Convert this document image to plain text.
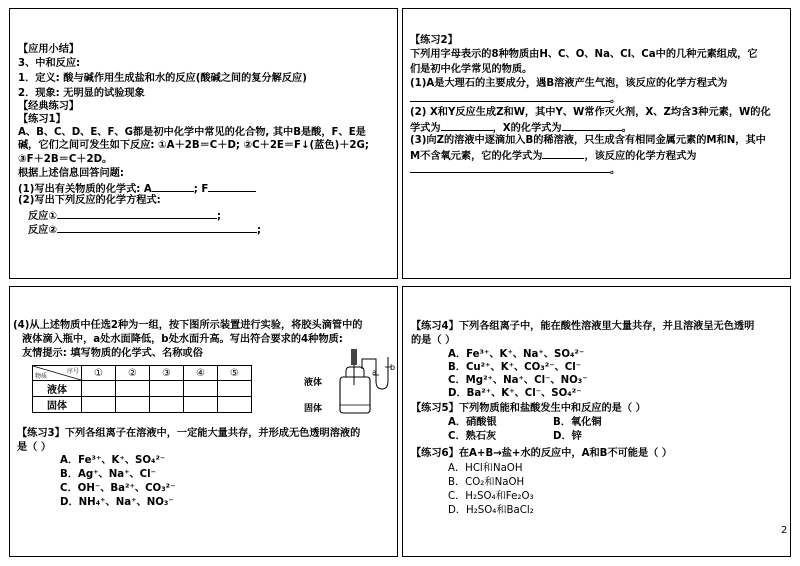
【应用小结】
3、中和反应:
1．定义: 酸与碱作用生成盐和水的反应(酸碱之间的复分解反应)
2．现象: 无明显的试验现象
【经典练习】
【练习1】
A、B、C、D、E、F、G都是初中化学中常见的化合物, 其中B是酸，F、E是
碱，它们之间可发生如下反应: ①A＋2B＝C＋D; ②C＋2E＝F↓(蓝色)＋2G;
③F＋2B＝C＋2D。
根据上述信息回答问题:
(1)写出有关物质的化学式: A	; F
(2)写出下列反应的化学方程式:
反应①	;
反应②	;
【练习2】
下列用字母表示的8种物质由H、C、O、Na、Cl、Ca中的几种元素组成，它
们是初中化学常见的物质。
(1)A是大理石的主要成分，遇B溶液产生气泡，该反应的化学方程式为
。
(2) X和Y反应生成Z和W，其中Y、W常作灭火剂，X、Z均含3种元素，W的化
学式为	，X的化学式为	。
(3)向Z的溶液中逐滴加入B的稀溶液，只生成含有相同金属元素的M和N，其中
M不含氧元素，它的化学式为	，该反应的化学方程式为
。
(4)从上述物质中任选2种为一组，按下图所示装置进行实验，将胶头滴管中的
液体滴入瓶中，a处水面降低，b处水面升高。写出符合要求的4种物质:
友情提示: 填写物质的化学式、名称或俗
序号
物质	①	②	③	④	⑤
液体					
固体					
液体
固体
a
b
【练习3】下列各组离子在溶液中，一定能大量共存，并形成无色透明溶液的
是（ ）
A．Fe³⁺、K⁺、SO₄²⁻
B．Ag⁺、Na⁺、Cl⁻
C．OH⁻、Ba²⁺、CO₃²⁻
D．NH₄⁺、Na⁺、NO₃⁻
【练习4】下列各组离子中，能在酸性溶液里大量共存，并且溶液呈无色透明
的是（ ）
A．Fe³⁺、K⁺、Na⁺、SO₄²⁻
B．Cu²⁺、K⁺、CO₃²⁻、Cl⁻
C．Mg²⁺、Na⁺、Cl⁻、NO₃⁻
D．Ba²⁺、K⁺、Cl⁻、SO₄²⁻
【练习5】下列物质能和盐酸发生中和反应的是（ ）
A．硝酸银	B．氧化铜
C．熟石灰	D．锌
【练习6】在A+B→盐+水的反应中，A和B不可能是（ ）
A．HCl和NaOH
B．CO₂和NaOH
C．H₂SO₄和Fe₂O₃
D．H₂SO₄和BaCl₂
2
